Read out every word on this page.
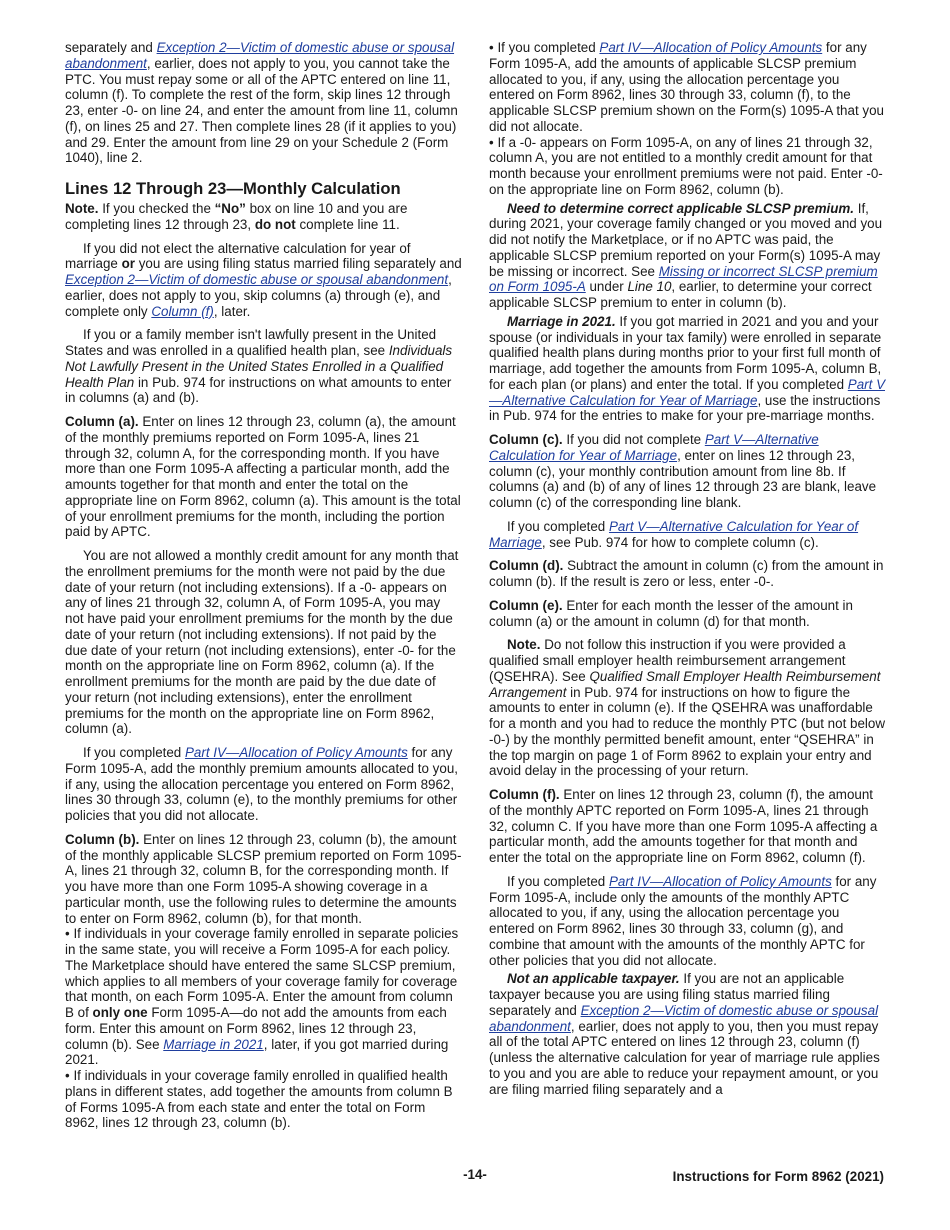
separately and Exception 2—Victim of domestic abuse or spousal abandonment, earlier, does not apply to you, you cannot take the PTC. You must repay some or all of the APTC entered on line 11, column (f). To complete the rest of the form, skip lines 12 through 23, enter -0- on line 24, and enter the amount from line 11, column (f), on lines 25 and 27. Then complete lines 28 (if it applies to you) and 29. Enter the amount from line 29 on your Schedule 2 (Form 1040), line 2.

Lines 12 Through 23—Monthly Calculation

Note. If you checked the “No” box on line 10 and you are completing lines 12 through 23, do not complete line 11.

If you did not elect the alternative calculation for year of marriage or you are using filing status married filing separately and Exception 2—Victim of domestic abuse or spousal abandonment, earlier, does not apply to you, skip columns (a) through (e), and complete only Column (f), later.

If you or a family member isn't lawfully present in the United States and was enrolled in a qualified health plan, see Individuals Not Lawfully Present in the United States Enrolled in a Qualified Health Plan in Pub. 974 for instructions on what amounts to enter in columns (a) and (b).

Column (a). Enter on lines 12 through 23, column (a), the amount of the monthly premiums reported on Form 1095-A, lines 21 through 32, column A, for the corresponding month. If you have more than one Form 1095-A affecting a particular month, add the amounts together for that month and enter the total on the appropriate line on Form 8962, column (a). This amount is the total of your enrollment premiums for the month, including the portion paid by APTC.

You are not allowed a monthly credit amount for any month that the enrollment premiums for the month were not paid by the due date of your return (not including extensions). If a -0- appears on any of lines 21 through 32, column A, of Form 1095-A, you may not have paid your enrollment premiums for the month by the due date of your return (not including extensions). If not paid by the due date of your return (not including extensions), enter -0- for the month on the appropriate line on Form 8962, column (a). If the enrollment premiums for the month are paid by the due date of your return (not including extensions), enter the enrollment premiums for the month on the appropriate line on Form 8962, column (a).

If you completed Part IV—Allocation of Policy Amounts for any Form 1095-A, add the monthly premium amounts allocated to you, if any, using the allocation percentage you entered on Form 8962, lines 30 through 33, column (e), to the monthly premiums for other policies that you did not allocate.

Column (b). Enter on lines 12 through 23, column (b), the amount of the monthly applicable SLCSP premium reported on Form 1095-A, lines 21 through 32, column B, for the corresponding month. If you have more than one Form 1095-A showing coverage in a particular month, use the following rules to determine the amounts to enter on Form 8962, column (b), for that month.

• If individuals in your coverage family enrolled in separate policies in the same state, you will receive a Form 1095-A for each policy. The Marketplace should have entered the same SLCSP premium, which applies to all members of your coverage family for coverage that month, on each Form 1095-A. Enter the amount from column B of only one Form 1095-A—do not add the amounts from each form. Enter this amount on Form 8962, lines 12 through 23, column (b). See Marriage in 2021, later, if you got married during 2021.

• If individuals in your coverage family enrolled in qualified health plans in different states, add together the amounts from column B of Forms 1095-A from each state and enter the total on Form 8962, lines 12 through 23, column (b).

• If you completed Part IV—Allocation of Policy Amounts for any Form 1095-A, add the amounts of applicable SLCSP premium allocated to you, if any, using the allocation percentage you entered on Form 8962, lines 30 through 33, column (f), to the applicable SLCSP premium shown on the Form(s) 1095-A that you did not allocate.

• If a -0- appears on Form 1095-A, on any of lines 21 through 32, column A, you are not entitled to a monthly credit amount for that month because your enrollment premiums were not paid. Enter -0- on the appropriate line on Form 8962, column (b).

Need to determine correct applicable SLCSP premium. If, during 2021, your coverage family changed or you moved and you did not notify the Marketplace, or if no APTC was paid, the applicable SLCSP premium reported on your Form(s) 1095-A may be missing or incorrect. See Missing or incorrect SLCSP premium on Form 1095-A under Line 10, earlier, to determine your correct applicable SLCSP premium to enter in column (b).

Marriage in 2021. If you got married in 2021 and you and your spouse (or individuals in your tax family) were enrolled in separate qualified health plans during months prior to your first full month of marriage, add together the amounts from Form 1095-A, column B, for each plan (or plans) and enter the total. If you completed Part V—Alternative Calculation for Year of Marriage, use the instructions in Pub. 974 for the entries to make for your pre-marriage months.

Column (c). If you did not complete Part V—Alternative Calculation for Year of Marriage, enter on lines 12 through 23, column (c), your monthly contribution amount from line 8b. If columns (a) and (b) of any of lines 12 through 23 are blank, leave column (c) of the corresponding line blank.

If you completed Part V—Alternative Calculation for Year of Marriage, see Pub. 974 for how to complete column (c).

Column (d). Subtract the amount in column (c) from the amount in column (b). If the result is zero or less, enter -0-.

Column (e). Enter for each month the lesser of the amount in column (a) or the amount in column (d) for that month.

Note. Do not follow this instruction if you were provided a qualified small employer health reimbursement arrangement (QSEHRA). See Qualified Small Employer Health Reimbursement Arrangement in Pub. 974 for instructions on how to figure the amounts to enter in column (e). If the QSEHRA was unaffordable for a month and you had to reduce the monthly PTC (but not below -0-) by the monthly permitted benefit amount, enter “QSEHRA” in the top margin on page 1 of Form 8962 to explain your entry and avoid delay in the processing of your return.

Column (f). Enter on lines 12 through 23, column (f), the amount of the monthly APTC reported on Form 1095-A, lines 21 through 32, column C. If you have more than one Form 1095-A affecting a particular month, add the amounts together for that month and enter the total on the appropriate line on Form 8962, column (f).

If you completed Part IV—Allocation of Policy Amounts for any Form 1095-A, include only the amounts of the monthly APTC allocated to you, if any, using the allocation percentage you entered on Form 8962, lines 30 through 33, column (g), and combine that amount with the amounts of the monthly APTC for other policies that you did not allocate.

Not an applicable taxpayer. If you are not an applicable taxpayer because you are using filing status married filing separately and Exception 2—Victim of domestic abuse or spousal abandonment, earlier, does not apply to you, then you must repay all of the total APTC entered on lines 12 through 23, column (f) (unless the alternative calculation for year of marriage rule applies to you and you are able to reduce your repayment amount, or you are filing married filing separately and a

-14-	Instructions for Form 8962 (2021)
